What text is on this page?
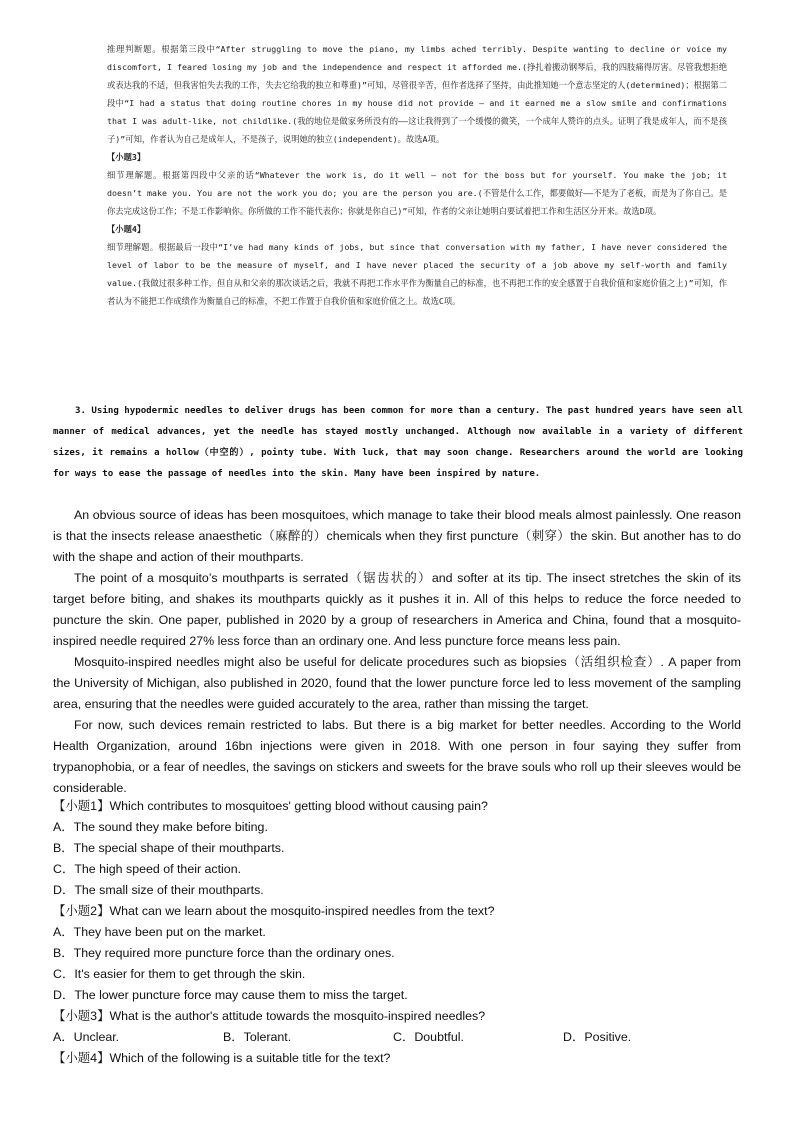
推理判断题。根据第三段中“After struggling to move the piano, my limbs ached terribly. Despite wanting to decline or voice my discomfort, I feared losing my job and the independence and respect it afforded me.(挣扎着搬动钢琴后，我的四肢痛得厉害。尽管我想拒绝或表达我的不适，但我害怕失去我的工作，失去它给我的独立和尊重)”可知，尽管很辛苦，但作者选择了坚持，由此推知她一个意志坚定的人(determined)；根据第二段中“I had a status that doing routine chores in my house did not provide — and it earned me a slow smile and confirmations that I was adult-like, not childlike.(我的地位是做家务所没有的——这让我得到了一个缓慢的微笑，一个成年人赞许的点头。证明了我是成年人，而不是孩子)”可知，作者认为自己是成年人，不是孩子，说明她的独立(independent)。故选A项。

【小题3】

细节理解题。根据第四段中父亲的话“Whatever the work is, do it well — not for the boss but for yourself. You make the job; it doesn’t make you. You are not the work you do; you are the person you are.(不管是什么工作，都要做好——不是为了老板，而是为了你自己。是你去完成这份工作；不是工作影响你。你所做的工作不能代表你；你就是你自己)”可知，作者的父亲让她明白要试着把工作和生活区分开来。故选D项。

【小题4】

细节理解题。根据最后一段中“I’ve had many kinds of jobs, but since that conversation with my father, I have never considered the level of labor to be the measure of myself, and I have never placed the security of a job above my self-worth and family value.(我做过很多种工作，但自从和父亲的那次谈话之后，我就不再把工作水平作为衡量自己的标准，也不再把工作的安全感置于自我价值和家庭价值之上)”可知，作者认为不能把工作成绩作为衡量自己的标准，不把工作置于自我价值和家庭价值之上。故选C项。

3. Using hypodermic needles to deliver drugs has been common for more than a century. The past hundred years have seen all manner of medical advances, yet the needle has stayed mostly unchanged. Although now available in a variety of different sizes, it remains a hollow（中空的）, pointy tube. With luck, that may soon change. Researchers around the world are looking for ways to ease the passage of needles into the skin. Many have been inspired by nature.

An obvious source of ideas has been mosquitoes, which manage to take their blood meals almost painlessly. One reason is that the insects release anaesthetic（麻醉的）chemicals when they first puncture（刺穿）the skin. But another has to do with the shape and action of their mouthparts.

The point of a mosquito’s mouthparts is serrated（锯齿状的）and softer at its tip. The insect stretches the skin of its target before biting, and shakes its mouthparts quickly as it pushes it in. All of this helps to reduce the force needed to puncture the skin. One paper, published in 2020 by a group of researchers in America and China, found that a mosquito-inspired needle required 27% less force than an ordinary one. And less puncture force means less pain.

Mosquito-inspired needles might also be useful for delicate procedures such as biopsies（活组织检查）. A paper from the University of Michigan, also published in 2020, found that the lower puncture force led to less movement of the sampling area, ensuring that the needles were guided accurately to the area, rather than missing the target.

For now, such devices remain restricted to labs. But there is a big market for better needles. According to the World Health Organization, around 16bn injections were given in 2018. With one person in four saying they suffer from trypanophobia, or a fear of needles, the savings on stickers and sweets for the brave souls who roll up their sleeves would be considerable.

【小题1】Which contributes to mosquitoes' getting blood without causing pain?

A．The sound they make before biting.

B．The special shape of their mouthparts.

C．The high speed of their action.

D．The small size of their mouthparts.

【小题2】What can we learn about the mosquito-inspired needles from the text?

A．They have been put on the market.

B．They required more puncture force than the ordinary ones.

C．It's easier for them to get through the skin.

D．The lower puncture force may cause them to miss the target.

【小题3】What is the author's attitude towards the mosquito-inspired needles?

A．Unclear.	B．Tolerant.	C．Doubtful.	D．Positive.

【小题4】Which of the following is a suitable title for the text?
